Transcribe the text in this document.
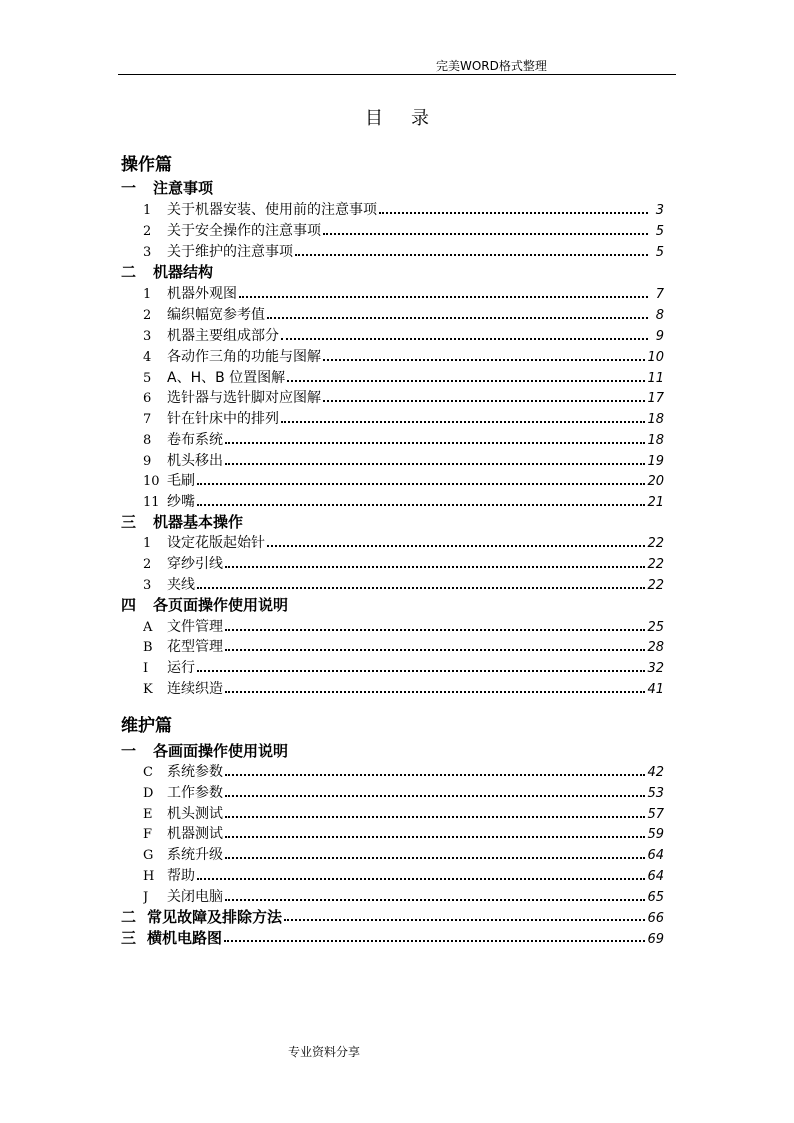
完美WORD格式整理
目录
操作篇
一	注意事项
1	关于机器安装、使用前的注意事项	3
2	关于安全操作的注意事项	5
3	关于维护的注意事项	5
二	机器结构
1	机器外观图	7
2	编织幅宽参考值	8
3	机器主要组成部分	9
4	各动作三角的功能与图解	10
5	A、H、B 位置图解	11
6	选针器与选针脚对应图解	17
7	针在针床中的排列	18
8	卷布系统	18
9	机头移出	19
10 毛刷	20
11 纱嘴	21
三	机器基本操作
1	设定花版起始针	22
2	穿纱引线	22
3	夹线	22
四	各页面操作使用说明
A	文件管理	25
B	花型管理	28
I	运行	32
K	连续织造	41
维护篇
一	各画面操作使用说明
C	系统参数	42
D 工作参数	53
E	机头测试	57
F	机器测试	59
G 系统升级	64
H 帮助	64
J	关闭电脑	65
二 常见故障及排除方法	66
三 横机电路图	69
专业资料分享
